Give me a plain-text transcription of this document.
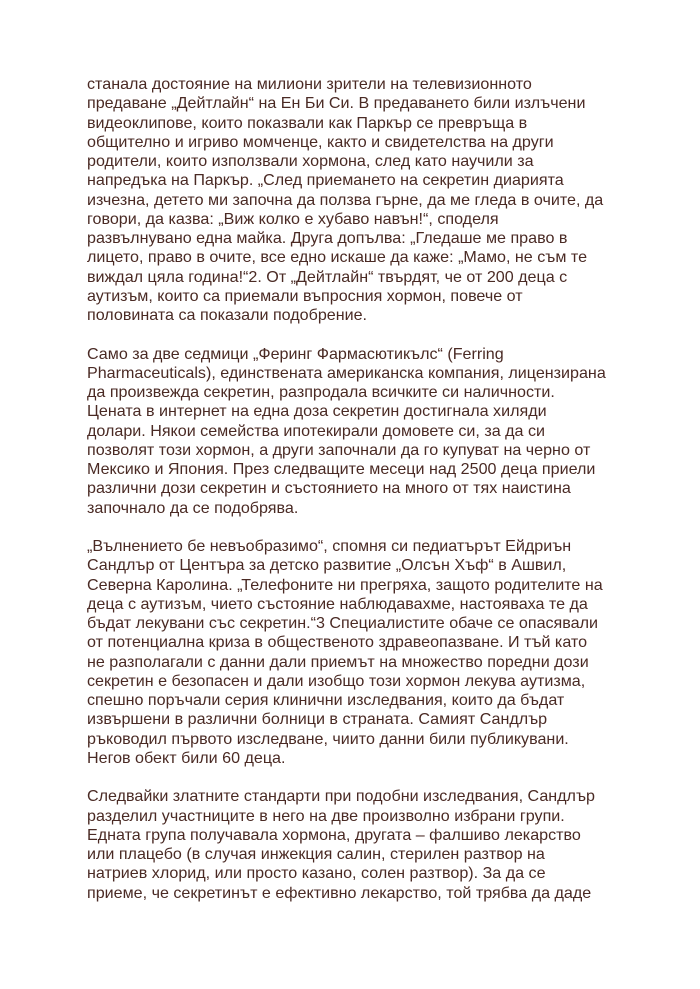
станала достояние на милиони зрители на телевизионното
предаване „Дейтлайн“ на Ен Би Си. В предаването били излъчени
видеоклипове, които показвали как Паркър се превръща в
общително и игриво момченце, както и свидетелства на други
родители, които използвали хормона, след като научили за
напредъка на Паркър. „След приемането на секретин диарията
изчезна, детето ми започна да ползва гърне, да ме гледа в очите, да
говори, да казва: „Виж колко е хубаво навън!“, споделя
развълнувано една майка. Друга допълва: „Гледаше ме право в
лицето, право в очите, все едно искаше да каже: „Мамо, не съм те
виждал цяла година!“2. От „Дейтлайн“ твърдят, че от 200 деца с
аутизъм, които са приемали въпросния хормон, повече от
половината са показали подобрение.

Само за две седмици „Феринг Фармасютикълс“ (Ferring
Pharmaceuticals), единствената американска компания, лицензирана
да произвежда секретин, разпродала всичките си наличности.
Цената в интернет на една доза секретин достигнала хиляди
долари. Някои семейства ипотекирали домовете си, за да си
позволят този хормон, а други започнали да го купуват на черно от
Мексико и Япония. През следващите месеци над 2500 деца приели
различни дози секретин и състоянието на много от тях наистина
започнало да се подобрява.

„Вълнението бе невъобразимо“, спомня си педиатърът Ейдриън
Сандлър от Центъра за детско развитие „Олсън Хъф“ в Ашвил,
Северна Каролина. „Телефоните ни прегряха, защото родителите на
деца с аутизъм, чието състояние наблюдавахме, настояваха те да
бъдат лекувани със секретин.“3 Специалистите обаче се опасявали
от потенциална криза в общественото здравеопазване. И тъй като
не разполагали с данни дали приемът на множество поредни дози
секретин е безопасен и дали изобщо този хормон лекува аутизма,
спешно поръчали серия клинични изследвания, които да бъдат
извършени в различни болници в страната. Самият Сандлър
ръководил първото изследване, чиито данни били публикувани.
Негов обект били 60 деца.

Следвайки златните стандарти при подобни изследвания, Сандлър
разделил участниците в него на две произволно избрани групи.
Едната група получавала хормона, другата – фалшиво лекарство
или плацебо (в случая инжекция салин, стерилен разтвор на
натриев хлорид, или просто казано, солен разтвор). За да се
приеме, че секретинът е ефективно лекарство, той трябва да даде
